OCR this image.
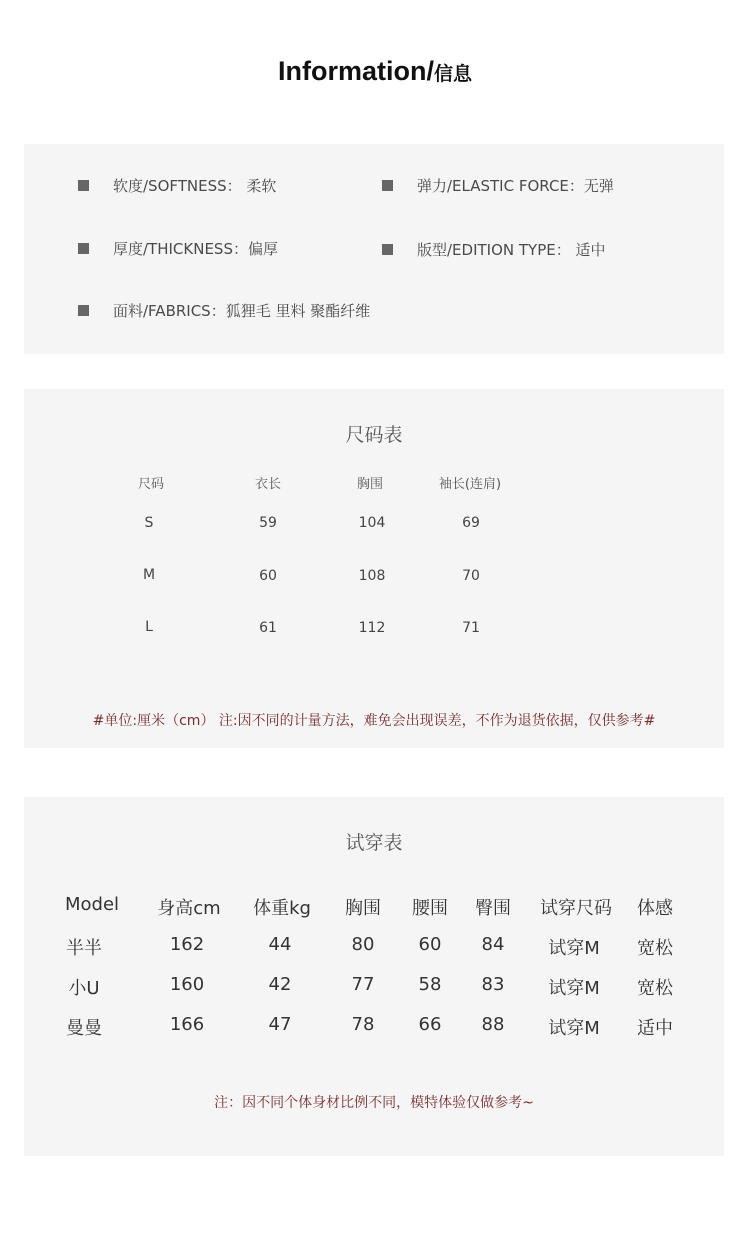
Information/信息
软度/SOFTNESS： 柔软	弹力/ELASTIC FORCE：无弹
厚度/THICKNESS：偏厚	版型/EDITION TYPE： 适中
面料/FABRICS：狐狸毛 里料 聚酯纤维
尺码表
尺码	衣长	胸围	袖长(连肩)
S	59	104	69
M	60	108	70
L	61	112	71
#单位:厘米（cm） 注:因不同的计量方法，难免会出现误差，不作为退货依据，仅供参考#
试穿表
Model 身高cm 体重kg 胸围 腰围 臀围 试穿尺码 体感
半半	162	44	80 60 84 试穿M 宽松
小U	160	42	77 58 83 试穿M 宽松
曼曼	166	47	78 66 88 试穿M 适中
注：因不同个体身材比例不同，模特体验仅做参考~
